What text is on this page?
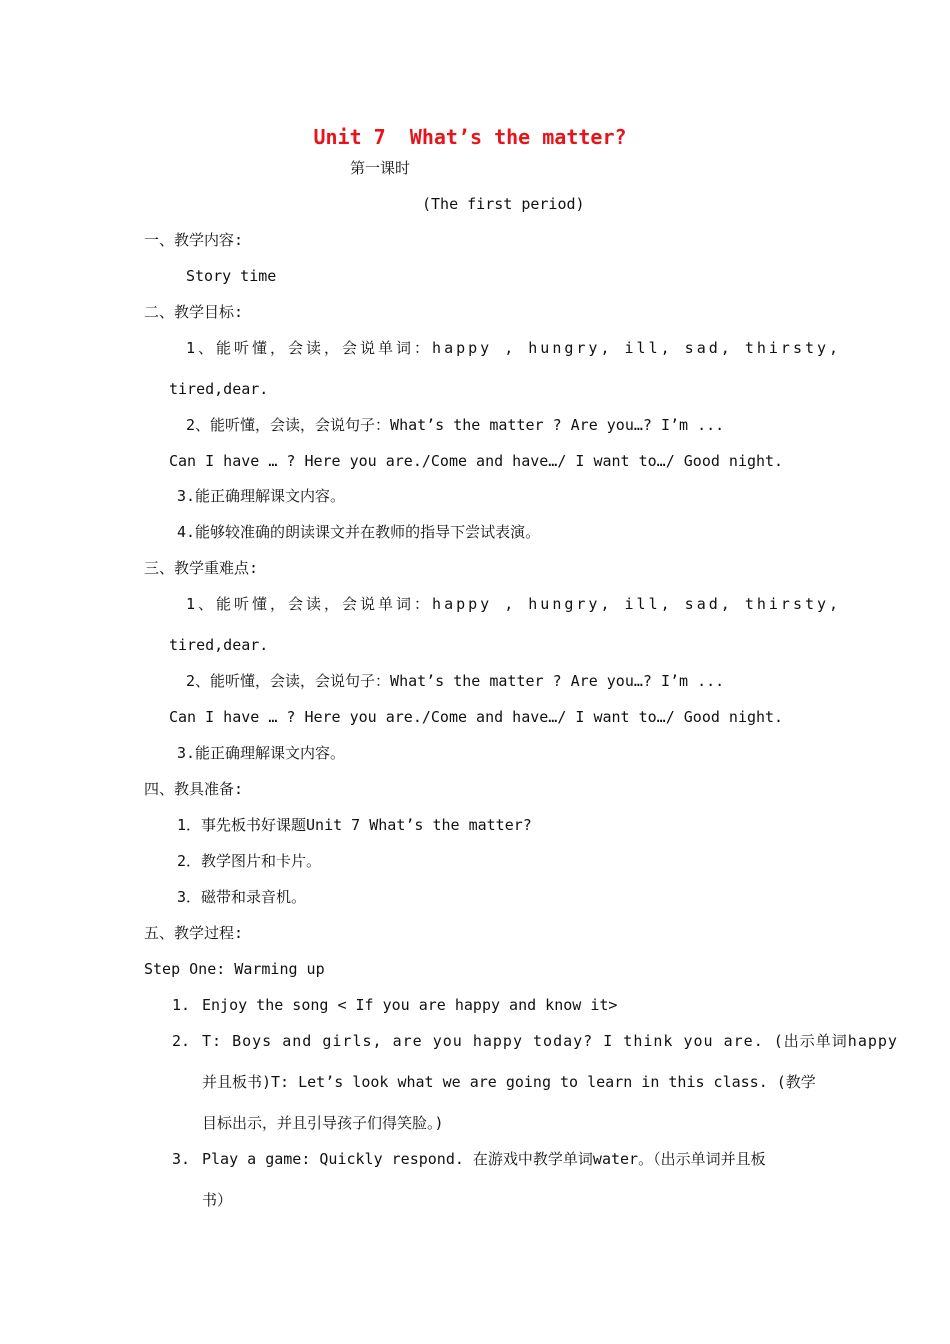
Unit 7  What’s the matter?
第一课时
(The first period)
一、教学内容:
Story time
二、教学目标:
1、能听懂，会读，会说单词：happy , hungry, ill, sad, thirsty,
tired,dear.
2、能听懂，会读，会说句子：What’s the matter ? Are you…? I’m ...
Can I have … ? Here you are./Come and have…/ I want to…/ Good night.
3.能正确理解课文内容。
4.能够较准确的朗读课文并在教师的指导下尝试表演。
三、教学重难点:
1、能听懂，会读，会说单词：happy , hungry, ill, sad, thirsty,
tired,dear.
2、能听懂，会读，会说句子：What’s the matter ? Are you…? I’m ...
Can I have … ? Here you are./Come and have…/ I want to…/ Good night.
3.能正确理解课文内容。
四、教具准备:
1．事先板书好课题Unit 7 What’s the matter?
2．教学图片和卡片。
3．磁带和录音机。
五、教学过程:
Step One: Warming up
1. Enjoy the song < If you are happy and know it>
2. T: Boys and girls, are you happy today? I think you are. (出示单词happy
并且板书)T: Let’s look what we are going to learn in this class. (教学
目标出示，并且引导孩子们得笑脸。)
3. Play a game: Quickly respond. 在游戏中教学单词water。（出示单词并且板
书）
